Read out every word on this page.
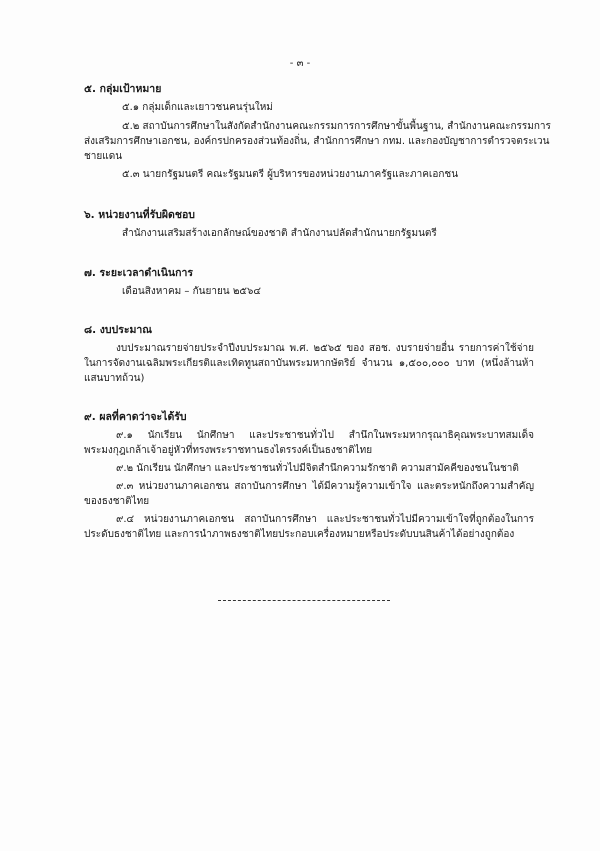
- ๓ -
๕. กลุ่มเป้าหมาย
๕.๑ กลุ่มเด็กและเยาวชนคนรุ่นใหม่
๕.๒ สถาบันการศึกษาในสังกัดสำนักงานคณะกรรมการการศึกษาขั้นพื้นฐาน, สำนักงานคณะกรรมการ
ส่งเสริมการศึกษาเอกชน, องค์กรปกครองส่วนท้องถิ่น, สำนักการศึกษา กทม. และกองบัญชาการตำรวจตระเวน
ชายแดน
๕.๓ นายกรัฐมนตรี คณะรัฐมนตรี ผู้บริหารของหน่วยงานภาครัฐและภาคเอกชน
๖. หน่วยงานที่รับผิดชอบ
สำนักงานเสริมสร้างเอกลักษณ์ของชาติ สำนักงานปลัดสำนักนายกรัฐมนตรี
๗. ระยะเวลาดำเนินการ
เดือนสิงหาคม – กันยายน ๒๕๖๔
๘. งบประมาณ
งบประมาณรายจ่ายประจำปีงบประมาณ พ.ศ. ๒๕๖๕ ของ สอช. งบรายจ่ายอื่น รายการค่าใช้จ่ายในการจัดงานเฉลิมพระเกียรติและเทิดทูนสถาบันพระมหากษัตริย์ จำนวน ๑,๕๐๐,๐๐๐ บาท (หนึ่งล้านห้าแสนบาทถ้วน)
๙. ผลที่คาดว่าจะได้รับ
๙.๑ นักเรียน นักศึกษา และประชาชนทั่วไป สำนึกในพระมหากรุณาธิคุณพระบาทสมเด็จพระมงกุฎเกล้าเจ้าอยู่หัวที่ทรงพระราชทานธงไตรรงค์เป็นธงชาติไทย
๙.๒ นักเรียน นักศึกษา และประชาชนทั่วไปมีจิตสำนึกความรักชาติ ความสามัคคีของชนในชาติ
๙.๓ หน่วยงานภาคเอกชน สถาบันการศึกษา ได้มีความรู้ความเข้าใจ และตระหนักถึงความสำคัญของธงชาติไทย
๙.๔ หน่วยงานภาคเอกชน สถาบันการศึกษา และประชาชนทั่วไปมีความเข้าใจที่ถูกต้องในการประดับธงชาติไทย และการนำภาพธงชาติไทยประกอบเครื่องหมายหรือประดับบนสินค้าได้อย่างถูกต้อง
